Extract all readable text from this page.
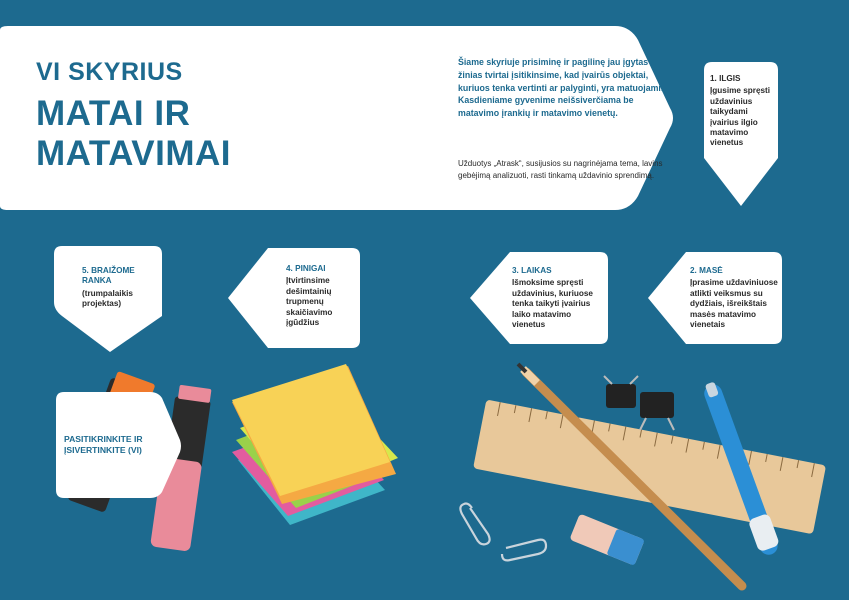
VI SKYRIUS
MATAI IR
MATAVIMAI
Šiame skyriuje prisiminę ir pagilinę jau įgytas žinias tvirtai įsitikinsime, kad įvairūs objektai, kuriuos tenka vertinti ar palyginti, yra matuojami. Kasdieniame gyvenime neišsiverčiama be matavimo įrankių ir matavimo vienetų.
Užduotys „Atrask“, susijusios su nagrinėjama tema, lavins gebėjimą analizuoti, rasti tinkamą uždavinio sprendimą.
1. ILGIS
Įgusime spręsti uždavinius taikydami įvairius ilgio matavimo vienetus
2. MASĖ
Įprasime uždaviniuose atlikti veiksmus su dydžiais, išreikštais masės matavimo vienetais
3. LAIKAS
Išmoksime spręsti uždavinius, kuriuose tenka taikyti įvairius laiko matavimo vienetus
4. PINIGAI
Įtvirtinsime dešimtainių trupmenų skaičiavimo įgūdžius
5. BRAIŽOME
RANKA
(trumpalaikis projektas)
PASITIKRINKITE IR
ĮSIVERTINKITE (VI)
